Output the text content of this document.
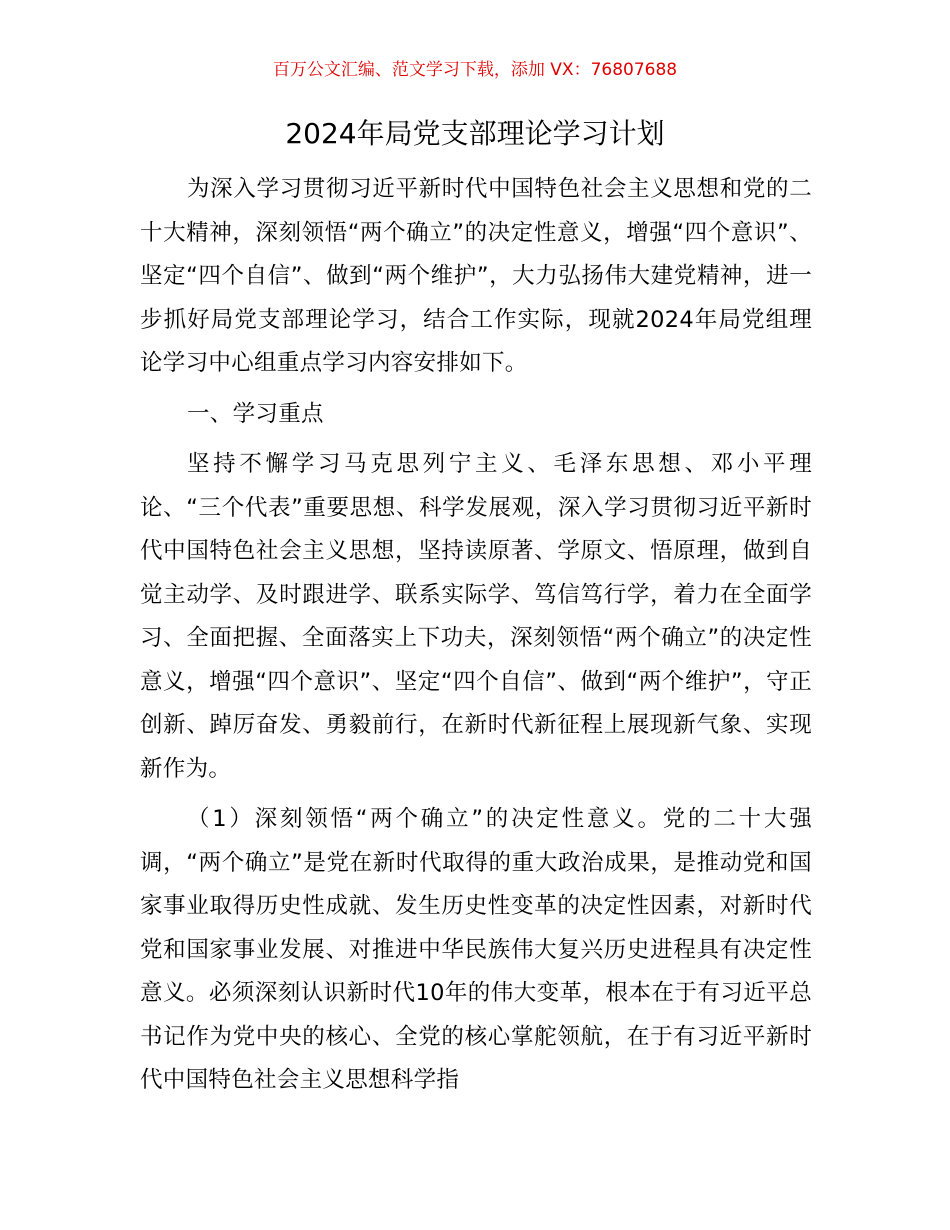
百万公文汇编、范文学习下载，添加 VX：76807688
2024年局党支部理论学习计划

为深入学习贯彻习近平新时代中国特色社会主义思想和党的二十大精神，深刻领悟“两个确立”的决定性意义，增强“四个意识”、坚定“四个自信”、做到“两个维护”，大力弘扬伟大建党精神，进一步抓好局党支部理论学习，结合工作实际，现就2024年局党组理论学习中心组重点学习内容安排如下。

一、学习重点

坚持不懈学习马克思列宁主义、毛泽东思想、邓小平理论、“三个代表”重要思想、科学发展观，深入学习贯彻习近平新时代中国特色社会主义思想，坚持读原著、学原文、悟原理，做到自觉主动学、及时跟进学、联系实际学、笃信笃行学，着力在全面学习、全面把握、全面落实上下功夫，深刻领悟“两个确立”的决定性意义，增强“四个意识”、坚定“四个自信”、做到“两个维护”，守正创新、踔厉奋发、勇毅前行，在新时代新征程上展现新气象、实现新作为。

（1）深刻领悟“两个确立”的决定性意义。党的二十大强调，“两个确立”是党在新时代取得的重大政治成果，是推动党和国家事业取得历史性成就、发生历史性变革的决定性因素，对新时代党和国家事业发展、对推进中华民族伟大复兴历史进程具有决定性意义。必须深刻认识新时代10年的伟大变革，根本在于有习近平总书记作为党中央的核心、全党的核心掌舵领航，在于有习近平新时代中国特色社会主义思想科学指
